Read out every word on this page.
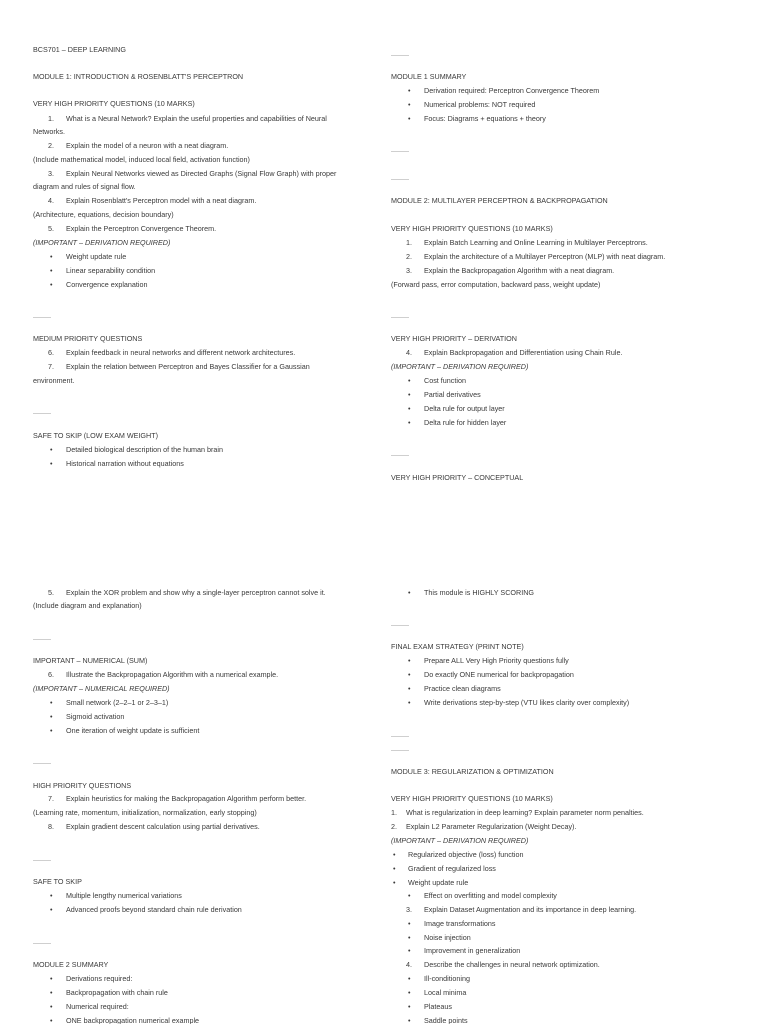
BCS701 – DEEP LEARNING
MODULE 1: INTRODUCTION & ROSENBLATT'S PERCEPTRON
VERY HIGH PRIORITY QUESTIONS (10 MARKS)
1. What is a Neural Network? Explain the useful properties and capabilities of Neural
Networks.
2. Explain the model of a neuron with a neat diagram.
(Include mathematical model, induced local field, activation function)
3. Explain Neural Networks viewed as Directed Graphs (Signal Flow Graph) with proper
diagram and rules of signal flow.
4. Explain Rosenblatt's Perceptron model with a neat diagram.
(Architecture, equations, decision boundary)
5. Explain the Perceptron Convergence Theorem.
(IMPORTANT – DERIVATION REQUIRED)
• Weight update rule
• Linear separability condition
• Convergence explanation
MEDIUM PRIORITY QUESTIONS
6. Explain feedback in neural networks and different network architectures.
7. Explain the relation between Perceptron and Bayes Classifier for a Gaussian
environment.
SAFE TO SKIP (LOW EXAM WEIGHT)
• Detailed biological description of the human brain
• Historical narration without equations
MODULE 1 SUMMARY
• Derivation required: Perceptron Convergence Theorem
• Numerical problems: NOT required
• Focus: Diagrams + equations + theory
MODULE 2: MULTILAYER PERCEPTRON & BACKPROPAGATION
VERY HIGH PRIORITY QUESTIONS (10 MARKS)
1. Explain Batch Learning and Online Learning in Multilayer Perceptrons.
2. Explain the architecture of a Multilayer Perceptron (MLP) with neat diagram.
3. Explain the Backpropagation Algorithm with a neat diagram.
(Forward pass, error computation, backward pass, weight update)
VERY HIGH PRIORITY – DERIVATION
4. Explain Backpropagation and Differentiation using Chain Rule.
(IMPORTANT – DERIVATION REQUIRED)
• Cost function
• Partial derivatives
• Delta rule for output layer
• Delta rule for hidden layer
VERY HIGH PRIORITY – CONCEPTUAL
5. Explain the XOR problem and show why a single-layer perceptron cannot solve it.
(Include diagram and explanation)
IMPORTANT – NUMERICAL (SUM)
6. Illustrate the Backpropagation Algorithm with a numerical example.
(IMPORTANT – NUMERICAL REQUIRED)
• Small network (2–2–1 or 2–3–1)
• Sigmoid activation
• One iteration of weight update is sufficient
HIGH PRIORITY QUESTIONS
7. Explain heuristics for making the Backpropagation Algorithm perform better.
(Learning rate, momentum, initialization, normalization, early stopping)
8. Explain gradient descent calculation using partial derivatives.
SAFE TO SKIP
• Multiple lengthy numerical variations
• Advanced proofs beyond standard chain rule derivation
MODULE 2 SUMMARY
• Derivations required:
• Backpropagation with chain rule
• Numerical required:
• ONE backpropagation numerical example
• This module is HIGHLY SCORING
FINAL EXAM STRATEGY (PRINT NOTE)
• Prepare ALL Very High Priority questions fully
• Do exactly ONE numerical for backpropagation
• Practice clean diagrams
• Write derivations step-by-step (VTU likes clarity over complexity)
MODULE 3: REGULARIZATION & OPTIMIZATION
VERY HIGH PRIORITY QUESTIONS (10 MARKS)
1. What is regularization in deep learning? Explain parameter norm penalties.
2. Explain L2 Parameter Regularization (Weight Decay).
(IMPORTANT – DERIVATION REQUIRED)
• Regularized objective (loss) function
• Gradient of regularized loss
• Weight update rule
• Effect on overfitting and model complexity
3. Explain Dataset Augmentation and its importance in deep learning.
• Image transformations
• Noise injection
• Improvement in generalization
4. Describe the challenges in neural network optimization.
• Ill-conditioning
• Local minima
• Plateaus
• Saddle points
